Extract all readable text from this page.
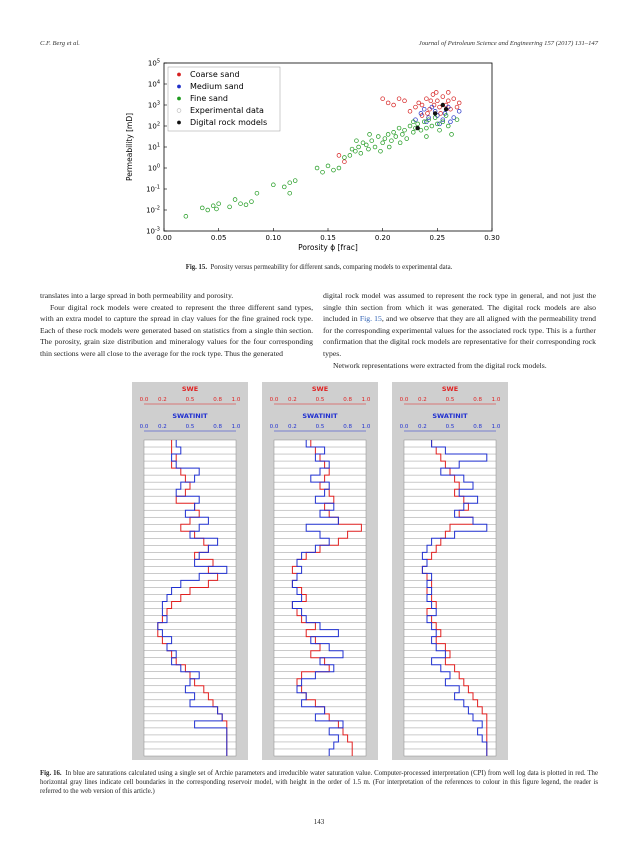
C.F. Berg et al.	Journal of Petroleum Science and Engineering 157 (2017) 131–147
0.00	0.05	0.10	0.15	0.20	0.25	0.30
$10^{-3}$
$10^{-2}$
$10^{-1}$
$10^0$
$10^1$
$10^2$
$10^3$
$10^4$
$10^5$
Porosity ϕ [frac]
Permeability [mD]
Coarse sand
Medium sand
Fine sand
Experimental data
Digital rock models
Fig. 15. Porosity versus permeability for different sands, comparing models to experimental data.

translates into a large spread in both permeability and porosity.

Four digital rock models were created to represent the three different sand types, with an extra model to capture the spread in clay values for the fine grained rock type. Each of these rock models were generated based on statistics from a single thin section. The porosity, grain size distribution and mineralogy values for the four corresponding thin sections were all close to the average for the rock type. Thus the generated

digital rock model was assumed to represent the rock type in general, and not just the single thin section from which it was generated. The digital rock models are also included in Fig. 15, and we observe that they are all aligned with the permeability trend for the corresponding experimental values for the associated rock type. This is a further confirmation that the digital rock models are representative for their corresponding rock types.

Network representations were extracted from the digital rock models.

SWE
0.0 0.2	0.5	0.8 1.0
SWATINIT
0.0 0.2	0.5	0.8 1.0
SWE
0.0 0.2	0.5	0.8 1.0
SWATINIT
0.0 0.2	0.5	0.8 1.0
SWE
0.0 0.2	0.5	0.8 1.0
SWATINIT
0.0 0.2	0.5	0.8 1.0
Fig. 16. In blue are saturations calculated using a single set of Archie parameters and irreducible water saturation value. Computer-processed interpretation (CPI) from well log data is plotted in red. The horizontal gray lines indicate cell boundaries in the corresponding reservoir model, with height in the order of 1.5 m. (For interpretation of the references to colour in this figure legend, the reader is referred to the web version of this article.)
143
